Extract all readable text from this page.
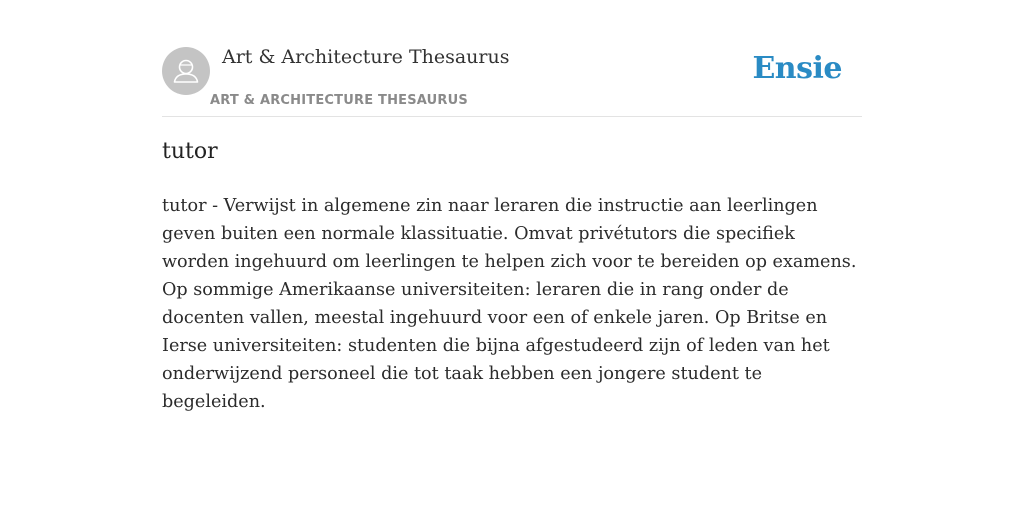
Art & Architecture Thesaurus
ART & ARCHITECTURE THESAURUS
Ensie
tutor

tutor - Verwijst in algemene zin naar leraren die instructie aan leerlingen geven buiten een normale klassituatie. Omvat privétutors die specifiek worden ingehuurd om leerlingen te helpen zich voor te bereiden op examens. Op sommige Amerikaanse universiteiten: leraren die in rang onder de docenten vallen, meestal ingehuurd voor een of enkele jaren. Op Britse en Ierse universiteiten: studenten die bijna afgestudeerd zijn of leden van het onderwijzend personeel die tot taak hebben een jongere student te begeleiden.
